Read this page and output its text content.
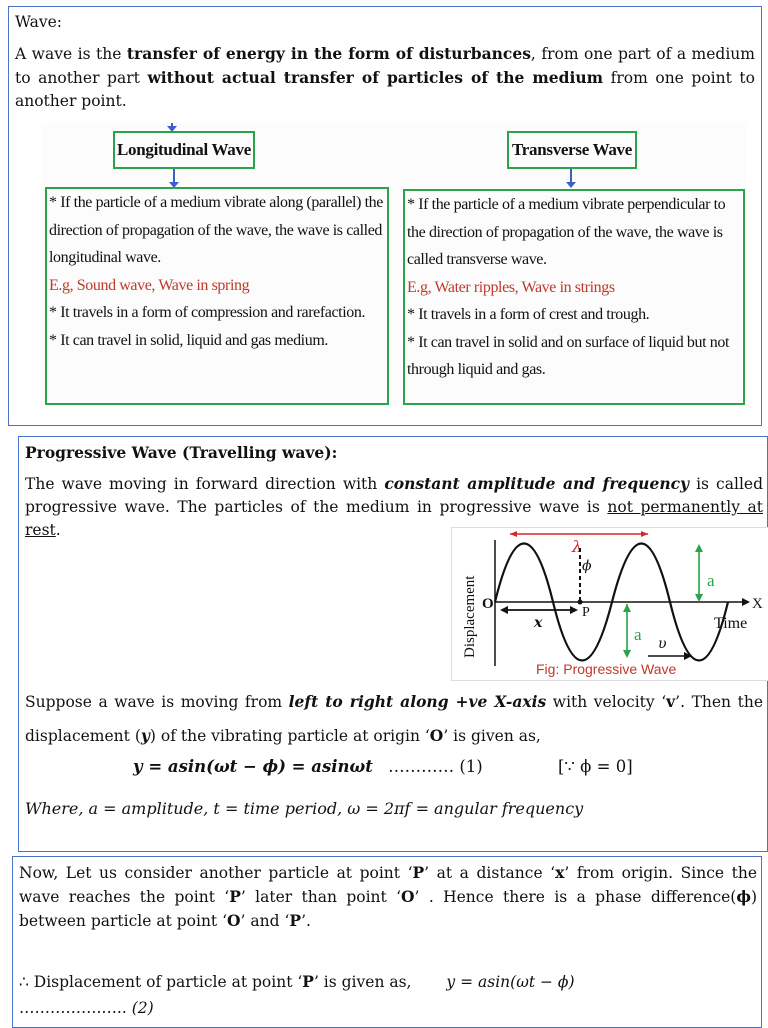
Wave:

A wave is the transfer of energy in the form of disturbances, from one part of a medium to another part without actual transfer of particles of the medium from one point to another point.

Longitudinal Wave
* If the particle of a medium vibrate along (parallel) the direction of propagation of the wave, the wave is called longitudinal wave.
E.g, Sound wave, Wave in spring
* It travels in a form of compression and rarefaction.
* It can travel in solid, liquid and gas medium.
Transverse Wave
* If the particle of a medium vibrate perpendicular to the direction of propagation of the wave, the wave is called transverse wave.
E.g, Water ripples, Wave in strings
* It travels in a form of crest and trough.
* It can travel in solid and on surface of liquid but not through liquid and gas.

Progressive Wave (Travelling wave):

The wave moving in forward direction with constant amplitude and frequency is called progressive wave. The particles of the medium in progressive wave is not permanently at rest.

Displacement
λ
ϕ
O
P
x
X
Time
a
a υ
Fig: Progressive Wave

Suppose a wave is moving from left to right along +ve X-axis with velocity ‘v’. Then the displacement (y) of the vibrating particle at origin ‘O’ is given as,

y = asin(ωt − ϕ) = asinωt ………… (1)	[∵ ϕ = 0]

Where, a = amplitude, t = time period, ω = 2πf = angular frequency

Now, Let us consider another particle at point ‘P’ at a distance ‘x’ from origin. Since the wave reaches the point ‘P’ later than point ‘O’ . Hence there is a phase difference(ϕ) between particle at point ‘O’ and ‘P’.

∴ Displacement of particle at point ‘P’ is given as, y = asin(ωt − ϕ) …………….….. (2)
